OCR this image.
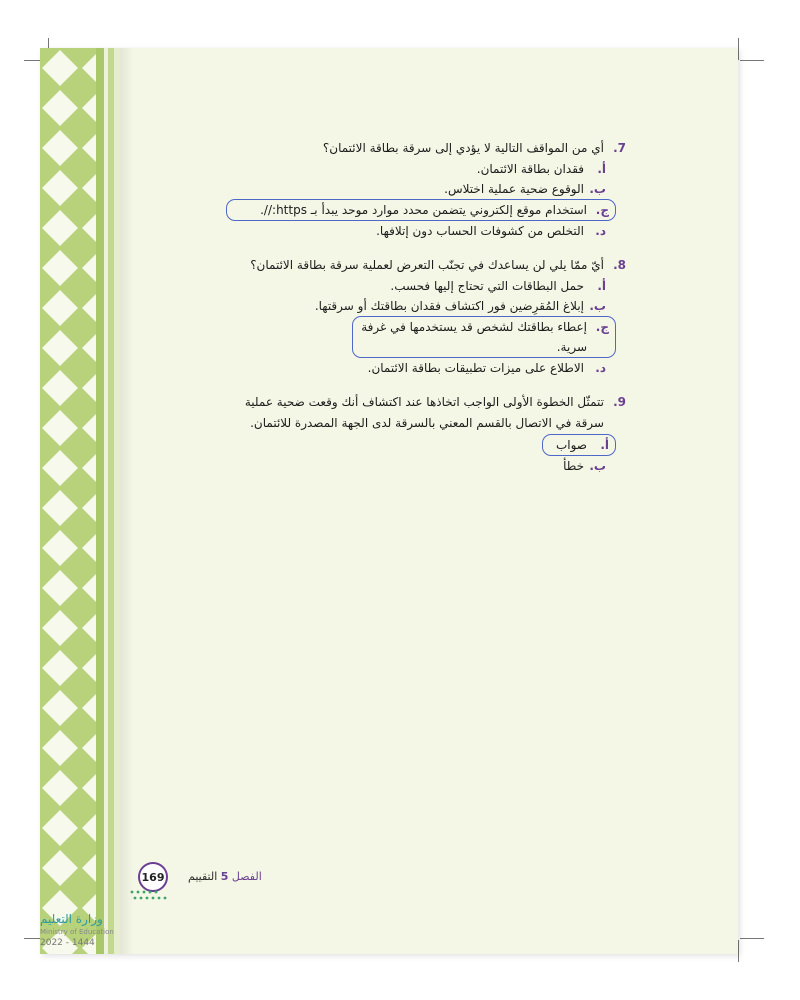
7.
أي من المواقف التالية لا يؤدي إلى سرقة بطاقة الائتمان؟
أ.
فقدان بطاقة الائتمان.
ب.
الوقوع ضحية عملية اختلاس.
ج.
استخدام موقع إلكتروني يتضمن محدد موارد موحد يبدأ بـ https://.
د.
التخلص من كشوفات الحساب دون إتلافها.
8.
أيّ ممّا يلي لن يساعدك في تجنّب التعرض لعملية سرقة بطاقة الائتمان؟
أ.
حمل البطاقات التي تحتاج إليها فحسب.
ب.
إبلاغ المُقرِضين فور اكتشاف فقدان بطاقتك أو سرقتها.
ج.
إعطاء بطاقتك لشخص قد يستخدمها في غرفة سرية.
د.
الاطلاع على ميزات تطبيقات بطاقة الائتمان.
9.
تتمثّل الخطوة الأولى الواجب اتخاذها عند اكتشاف أنك وقعت ضحية عملية سرقة في الاتصال بالقسم المعني بالسرقة لدى الجهة المصدرة للائتمان.
أ.
صواب
ب.
خطأ
169	الفصل 5 التقييم
وزارة التعليم
Ministry of Education
2022 - 1444
